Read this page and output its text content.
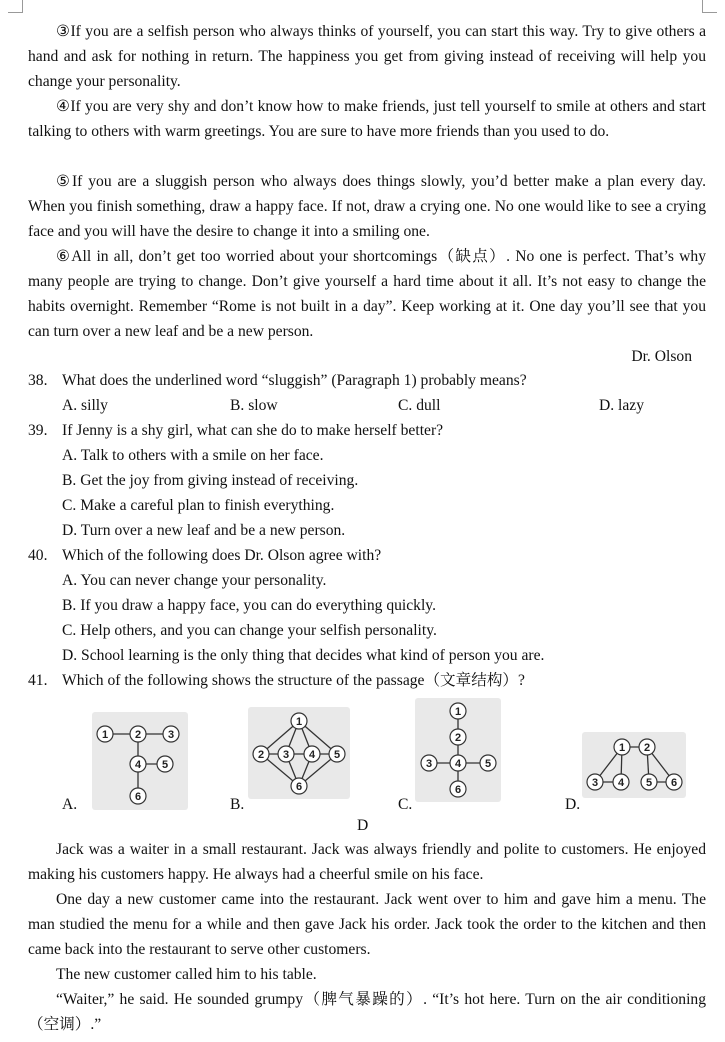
③If you are a selfish person who always thinks of yourself, you can start this way. Try to give others a hand and ask for nothing in return. The happiness you get from giving instead of receiving will help you change your personality.

④If you are very shy and don’t know how to make friends, just tell yourself to smile at others and start talking to others with warm greetings. You are sure to have more friends than you used to do.

⑤If you are a sluggish person who always does things slowly, you’d better make a plan every day. When you finish something, draw a happy face. If not, draw a crying one. No one would like to see a crying face and you will have the desire to change it into a smiling one.

⑥All in all, don’t get too worried about your shortcomings（缺点）. No one is perfect. That’s why many people are trying to change. Don’t give yourself a hard time about it all. It’s not easy to change the habits overnight. Remember “Rome is not built in a day”. Keep working at it. One day you’ll see that you can turn over a new leaf and be a new person.

Dr. Olson
38. What does the underlined word “sluggish” (Paragraph 1) probably means?
A. silly	B. slow	C. dull	D. lazy
39. If Jenny is a shy girl, what can she do to make herself better?
A. Talk to others with a smile on her face.
B. Get the joy from giving instead of receiving.
C. Make a careful plan to finish everything.
D. Turn over a new leaf and be a new person.
40. Which of the following does Dr. Olson agree with?
A. You can never change your personality.
B. If you draw a happy face, you can do everything quickly.
C. Help others, and you can change your selfish personality.
D. School learning is the only thing that decides what kind of person you are.
41. Which of the following shows the structure of the passage（文章结构）?
1 2 3
4 5
6
A.
1
2 3 4 5
6
B.
1
2
3 4 5
6
C.
1 2
3 4 5 6
D.
D

Jack was a waiter in a small restaurant. Jack was always friendly and polite to customers. He enjoyed making his customers happy. He always had a cheerful smile on his face.

One day a new customer came into the restaurant. Jack went over to him and gave him a menu. The man studied the menu for a while and then gave Jack his order. Jack took the order to the kitchen and then came back into the restaurant to serve other customers.

The new customer called him to his table.

“Waiter,” he said. He sounded grumpy（脾气暴躁的）. “It’s hot here. Turn on the air conditioning（空调）.”
